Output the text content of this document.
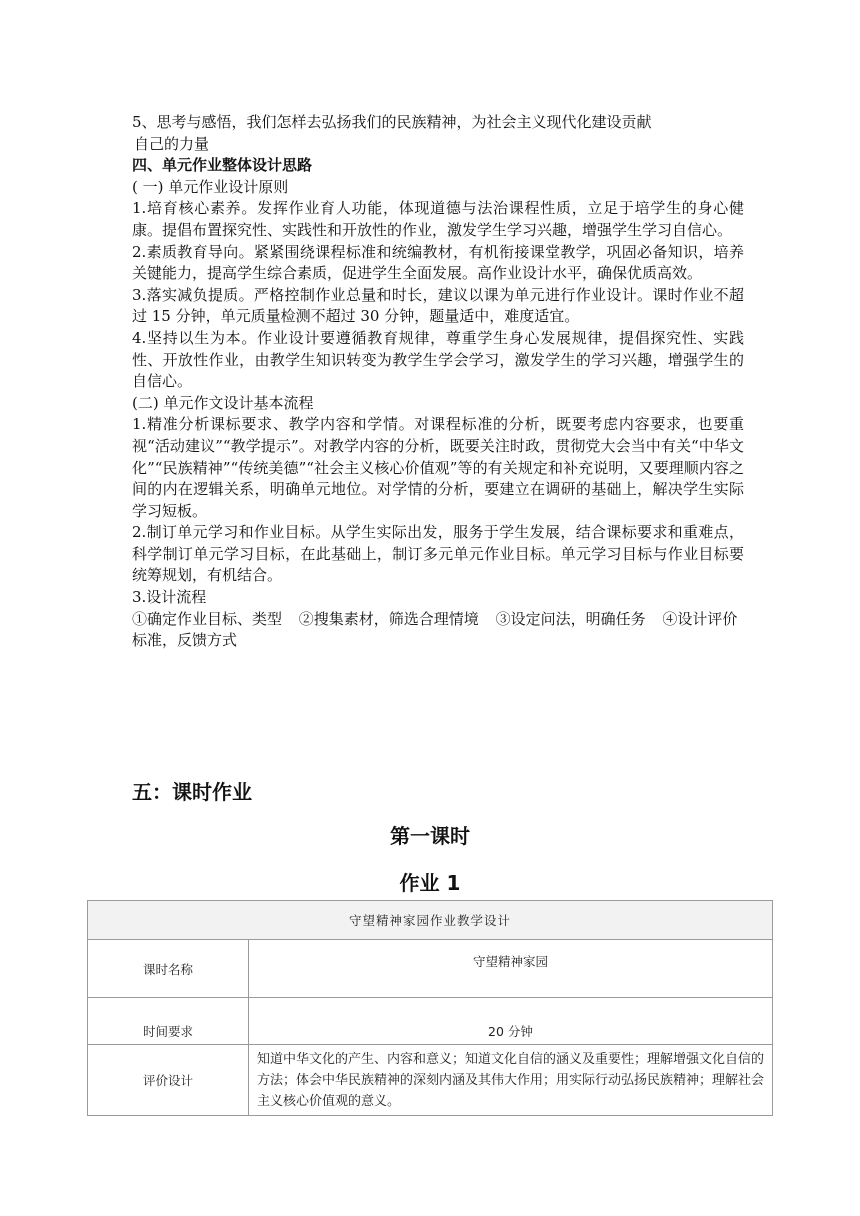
5、思考与感悟，我们怎样去弘扬我们的民族精神，为社会主义现代化建设贡献

自己的力量

四、单元作业整体设计思路

( 一) 单元作业设计原则

1.培育核心素养。发挥作业育人功能，体现道德与法治课程性质，立足于培学生的身心健康。提倡布置探究性、实践性和开放性的作业，激发学生学习兴趣，增强学生学习自信心。

2.素质教育导向。紧紧围绕课程标准和统编教材，有机衔接课堂教学，巩固必备知识，培养关键能力，提高学生综合素质，促进学生全面发展。高作业设计水平，确保优质高效。

3.落实减负提质。严格控制作业总量和时长，建议以课为单元进行作业设计。课时作业不超过 15 分钟，单元质量检测不超过 30 分钟，题量适中，难度适宜。

4.坚持以生为本。作业设计要遵循教育规律，尊重学生身心发展规律，提倡探究性、实践性、开放性作业，由教学生知识转变为教学生学会学习，激发学生的学习兴趣，增强学生的自信心。

(二) 单元作文设计基本流程

1.精准分析课标要求、教学内容和学情。对课程标准的分析，既要考虑内容要求，也要重视“活动建议”“教学提示”。对教学内容的分析，既要关注时政，贯彻党大会当中有关“中华文化”“民族精神”“传统美德”“社会主义核心价值观”等的有关规定和补充说明，又要理顺内容之间的内在逻辑关系，明确单元地位。对学情的分析，要建立在调研的基础上，解决学生实际学习短板。

2.制订单元学习和作业目标。从学生实际出发，服务于学生发展，结合课标要求和重难点，科学制订单元学习目标，在此基础上，制订多元单元作业目标。单元学习目标与作业目标要统筹规划，有机结合。

3.设计流程

①确定作业目标、类型 ②搜集素材，筛选合理情境 ③设定问法，明确任务 ④设计评价标准，反馈方式

五：课时作业

第一课时

作业 1

守望精神家园作业教学设计	
课时名称	守望精神家园
时间要求	20 分钟
评价设计	知道中华文化的产生、内容和意义；知道文化自信的涵义及重要性；理解增强文化自信的方法；体会中华民族精神的深刻内涵及其伟大作用；用实际行动弘扬民族精神；理解社会主义核心价值观的意义。
